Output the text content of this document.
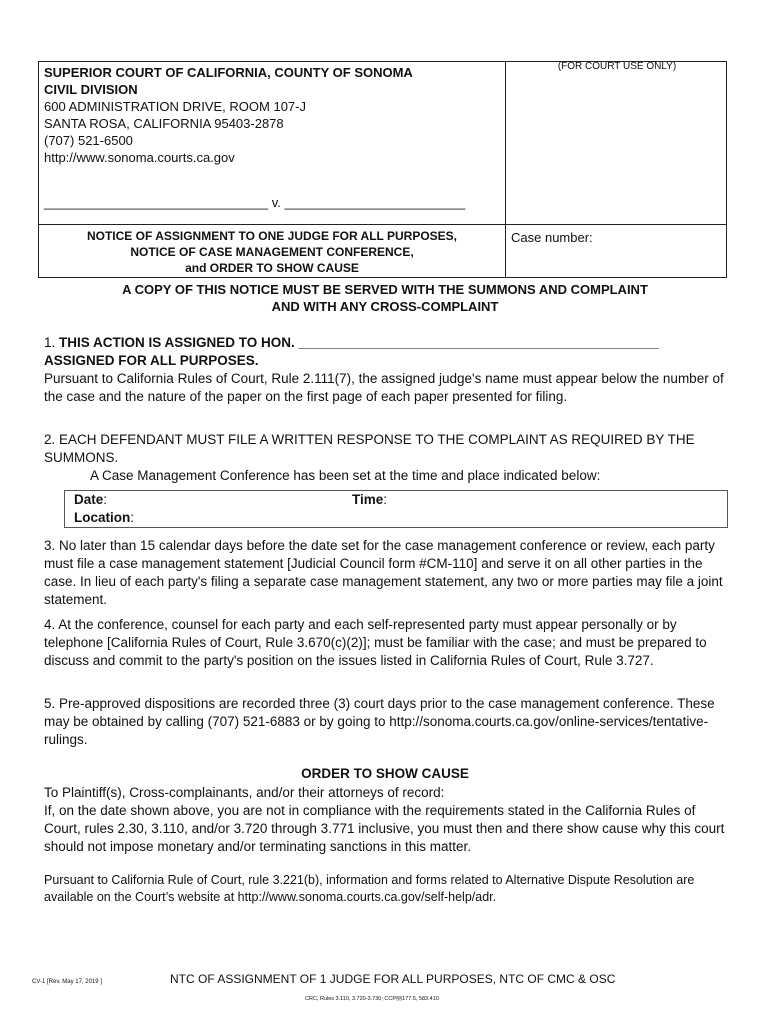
SUPERIOR COURT OF CALIFORNIA, COUNTY OF SONOMA
CIVIL DIVISION
600 ADMINISTRATION DRIVE, ROOM 107-J
SANTA ROSA, CALIFORNIA 95403-2878
(707) 521-6500
http://www.sonoma.courts.ca.gov
(FOR COURT USE ONLY)
_______________________________ v. _________________________
NOTICE OF ASSIGNMENT TO ONE JUDGE FOR ALL PURPOSES,
NOTICE OF CASE MANAGEMENT CONFERENCE,
and ORDER TO SHOW CAUSE
Case number:
A COPY OF THIS NOTICE MUST BE SERVED WITH THE SUMMONS AND COMPLAINT
AND WITH ANY CROSS-COMPLAINT
1. THIS ACTION IS ASSIGNED TO HON. ________________________________________________
ASSIGNED FOR ALL PURPOSES.
Pursuant to California Rules of Court, Rule 2.111(7), the assigned judge's name must appear below the number of the case and the nature of the paper on the first page of each paper presented for filing.
2. EACH DEFENDANT MUST FILE A WRITTEN RESPONSE TO THE COMPLAINT AS REQUIRED BY THE SUMMONS.
A Case Management Conference has been set at the time and place indicated below:
Date:	Time:
Location:
3. No later than 15 calendar days before the date set for the case management conference or review, each party must file a case management statement [Judicial Council form #CM-110] and serve it on all other parties in the case. In lieu of each party's filing a separate case management statement, any two or more parties may file a joint statement.
4. At the conference, counsel for each party and each self-represented party must appear personally or by telephone [California Rules of Court, Rule 3.670(c)(2)]; must be familiar with the case; and must be prepared to discuss and commit to the party's position on the issues listed in California Rules of Court, Rule 3.727.
5. Pre-approved dispositions are recorded three (3) court days prior to the case management conference. These may be obtained by calling (707) 521-6883 or by going to http://sonoma.courts.ca.gov/online-services/tentative-rulings.
ORDER TO SHOW CAUSE
To Plaintiff(s), Cross-complainants, and/or their attorneys of record:
If, on the date shown above, you are not in compliance with the requirements stated in the California Rules of Court, rules 2.30, 3.110, and/or 3.720 through 3.771 inclusive, you must then and there show cause why this court should not impose monetary and/or terminating sanctions in this matter.
Pursuant to California Rule of Court, rule 3.221(b), information and forms related to Alternative Dispute Resolution are available on the Court’s website at http://www.sonoma.courts.ca.gov/self-help/adr.
CV-1 [Rev. May 17, 2019 ]	NTC OF ASSIGNMENT OF 1 JUDGE FOR ALL PURPOSES, NTC OF CMC & OSC
CRC, Rules 3.110, 3.720-3.730; CCP§§177.5, 583.410
